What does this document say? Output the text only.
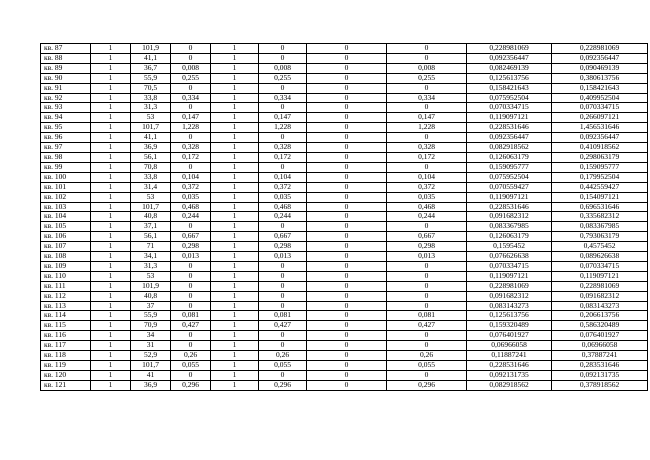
кв. 87	1	101,9	0	1	0	0	0	0,228981069	0,228981069
кв. 88	1	41,1	0	1	0	0	0	0,092356447	0,092356447
кв. 89	1	36,7	0,008	1	0,008	0	0,008	0,082469139	0,090469139
кв. 90	1	55,9	0,255	1	0,255	0	0,255	0,125613756	0,380613756
кв. 91	1	70,5	0	1	0	0	0	0,158421643	0,158421643
кв. 92	1	33,8	0,334	1	0,334	0	0,334	0,075952504	0,409952504
кв. 93	1	31,3	0	1	0	0	0	0,070334715	0,070334715
кв. 94	1	53	0,147	1	0,147	0	0,147	0,119097121	0,266097121
кв. 95	1	101,7	1,228	1	1,228	0	1,228	0,228531646	1,456531646
кв. 96	1	41,1	0	1	0	0	0	0,092356447	0,092356447
кв. 97	1	36,9	0,328	1	0,328	0	0,328	0,082918562	0,410918562
кв. 98	1	56,1	0,172	1	0,172	0	0,172	0,126063179	0,298063179
кв. 99	1	70,8	0	1	0	0	0	0,159095777	0,159095777
кв. 100	1	33,8	0,104	1	0,104	0	0,104	0,075952504	0,179952504
кв. 101	1	31,4	0,372	1	0,372	0	0,372	0,070559427	0,442559427
кв. 102	1	53	0,035	1	0,035	0	0,035	0,119097121	0,154097121
кв. 103	1	101,7	0,468	1	0,468	0	0,468	0,228531646	0,696531646
кв. 104	1	40,8	0,244	1	0,244	0	0,244	0,091682312	0,335682312
кв. 105	1	37,1	0	1	0	0	0	0,083367985	0,083367985
кв. 106	1	56,1	0,667	1	0,667	0	0,667	0,126063179	0,793063179
кв. 107	1	71	0,298	1	0,298	0	0,298	0,1595452	0,4575452
кв. 108	1	34,1	0,013	1	0,013	0	0,013	0,076626638	0,089626638
кв. 109	1	31,3	0	1	0	0	0	0,070334715	0,070334715
кв. 110	1	53	0	1	0	0	0	0,119097121	0,119097121
кв. 111	1	101,9	0	1	0	0	0	0,228981069	0,228981069
кв. 112	1	40,8	0	1	0	0	0	0,091682312	0,091682312
кв. 113	1	37	0	1	0	0	0	0,083143273	0,083143273
кв. 114	1	55,9	0,081	1	0,081	0	0,081	0,125613756	0,206613756
кв. 115	1	70,9	0,427	1	0,427	0	0,427	0,159320489	0,586320489
кв. 116	1	34	0	1	0	0	0	0,076401927	0,076401927
кв. 117	1	31	0	1	0	0	0	0,06966058	0,06966058
кв. 118	1	52,9	0,26	1	0,26	0	0,26	0,11887241	0,37887241
кв. 119	1	101,7	0,055	1	0,055	0	0,055	0,228531646	0,283531646
кв. 120	1	41	0	1	0	0	0	0,092131735	0,092131735
кв. 121	1	36,9	0,296	1	0,296	0	0,296	0,082918562	0,378918562
